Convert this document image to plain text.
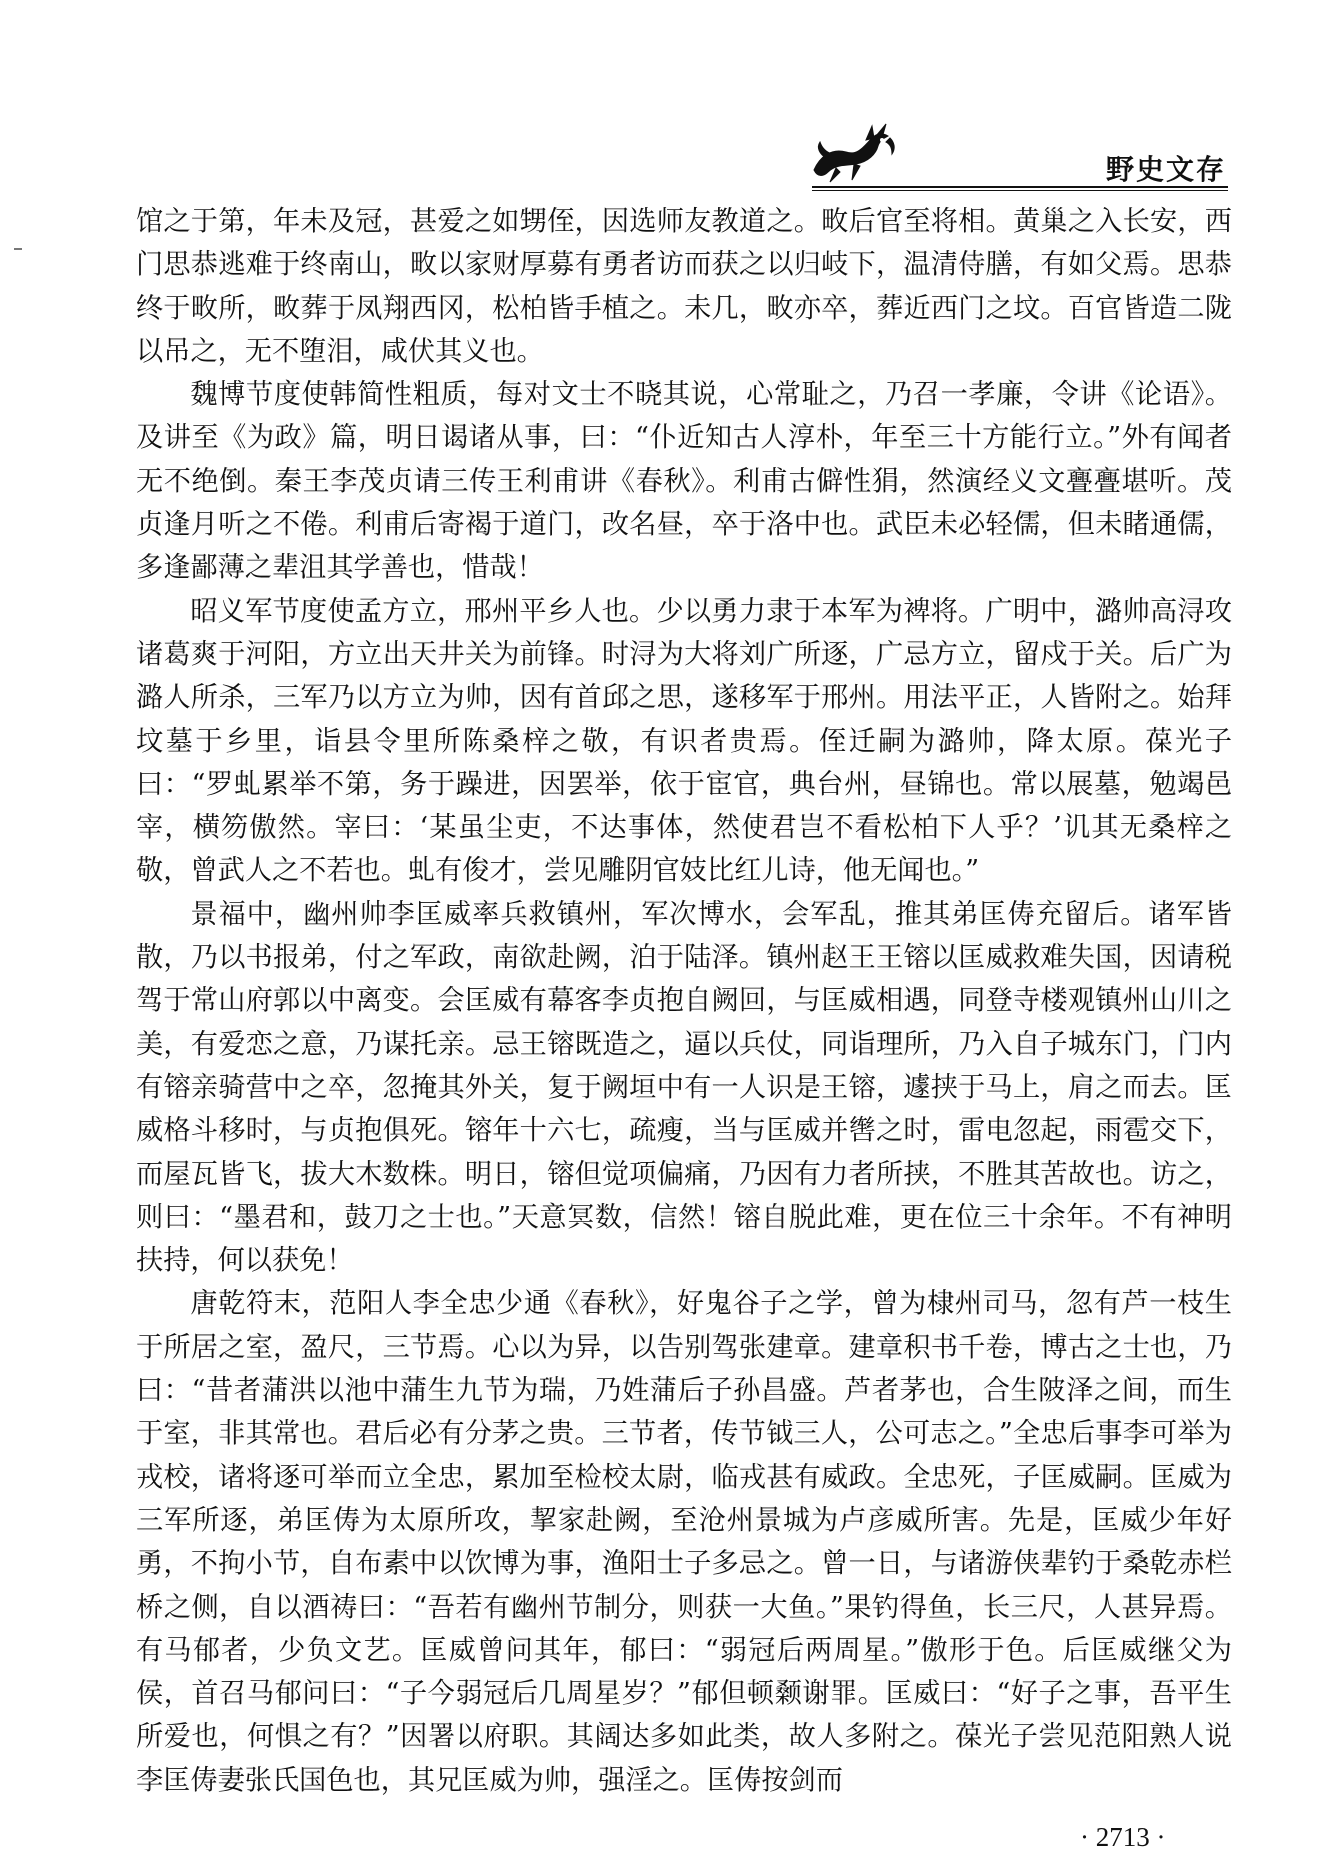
野史文存

馆之于第，年未及冠，甚爱之如甥侄，因选师友教道之。畋后官至将相。黄巢之入长安，西门思恭逃难于终南山，畋以家财厚募有勇者访而获之以归岐下，温清侍膳，有如父焉。思恭终于畋所，畋葬于凤翔西冈，松柏皆手植之。未几，畋亦卒，葬近西门之坟。百官皆造二陇以吊之，无不堕泪，咸伏其义也。

魏博节度使韩简性粗质，每对文士不晓其说，心常耻之，乃召一孝廉，令讲《论语》。及讲至《为政》篇，明日谒诸从事，曰：“仆近知古人淳朴，年至三十方能行立。”外有闻者无不绝倒。秦王李茂贞请三传王利甫讲《春秋》。利甫古僻性狷，然演经义文亹亹堪听。茂贞逢月听之不倦。利甫后寄褐于道门，改名昼，卒于洛中也。武臣未必轻儒，但未睹通儒，多逢鄙薄之辈沮其学善也，惜哉！

昭义军节度使孟方立，邢州平乡人也。少以勇力隶于本军为裨将。广明中，潞帅高浔攻诸葛爽于河阳，方立出天井关为前锋。时浔为大将刘广所逐，广忌方立，留戍于关。后广为潞人所杀，三军乃以方立为帅，因有首邱之思，遂移军于邢州。用法平正，人皆附之。始拜坟墓于乡里，诣县令里所陈桑梓之敬，有识者贵焉。侄迁嗣为潞帅，降太原。葆光子曰：“罗虬累举不第，务于躁进，因罢举，依于宦官，典台州，昼锦也。常以展墓，勉竭邑宰，横笏傲然。宰曰：‘某虽尘吏，不达事体，然使君岂不看松柏下人乎？’讥其无桑梓之敬，曾武人之不若也。虬有俊才，尝见雕阴官妓比红儿诗，他无闻也。”

景福中，幽州帅李匡威率兵救镇州，军次博水，会军乱，推其弟匡俦充留后。诸军皆散，乃以书报弟，付之军政，南欲赴阙，泊于陆泽。镇州赵王王镕以匡威救难失国，因请税驾于常山府郭以中离变。会匡威有幕客李贞抱自阙回，与匡威相遇，同登寺楼观镇州山川之美，有爱恋之意，乃谋托亲。忌王镕既造之，逼以兵仗，同诣理所，乃入自子城东门，门内有镕亲骑营中之卒，忽掩其外关，复于阙垣中有一人识是王镕，遽挟于马上，肩之而去。匡威格斗移时，与贞抱俱死。镕年十六七，疏瘦，当与匡威并辔之时，雷电忽起，雨雹交下，而屋瓦皆飞，拔大木数株。明日，镕但觉项偏痛，乃因有力者所挟，不胜其苦故也。访之，则曰：“墨君和，鼓刀之士也。”天意冥数，信然！镕自脱此难，更在位三十余年。不有神明扶持，何以获免！

唐乾符末，范阳人李全忠少通《春秋》，好鬼谷子之学，曾为棣州司马，忽有芦一枝生于所居之室，盈尺，三节焉。心以为异，以告别驾张建章。建章积书千卷，博古之士也，乃曰：“昔者蒲洪以池中蒲生九节为瑞，乃姓蒲后子孙昌盛。芦者茅也，合生陂泽之间，而生于室，非其常也。君后必有分茅之贵。三节者，传节钺三人，公可志之。”全忠后事李可举为戎校，诸将逐可举而立全忠，累加至检校太尉，临戎甚有威政。全忠死，子匡威嗣。匡威为三军所逐，弟匡俦为太原所攻，挈家赴阙，至沧州景城为卢彦威所害。先是，匡威少年好勇，不拘小节，自布素中以饮博为事，渔阳士子多忌之。曾一日，与诸游侠辈钓于桑乾赤栏桥之侧，自以酒祷曰：“吾若有幽州节制分，则获一大鱼。”果钓得鱼，长三尺，人甚异焉。有马郁者，少负文艺。匡威曾问其年，郁曰：“弱冠后两周星。”傲形于色。后匡威继父为侯，首召马郁问曰：“子今弱冠后几周星岁？”郁但顿颡谢罪。匡威曰：“好子之事，吾平生所爱也，何惧之有？”因署以府职。其阔达多如此类，故人多附之。葆光子尝见范阳熟人说李匡俦妻张氏国色也，其兄匡威为帅，强淫之。匡俦按剑而

· 2713 ·
